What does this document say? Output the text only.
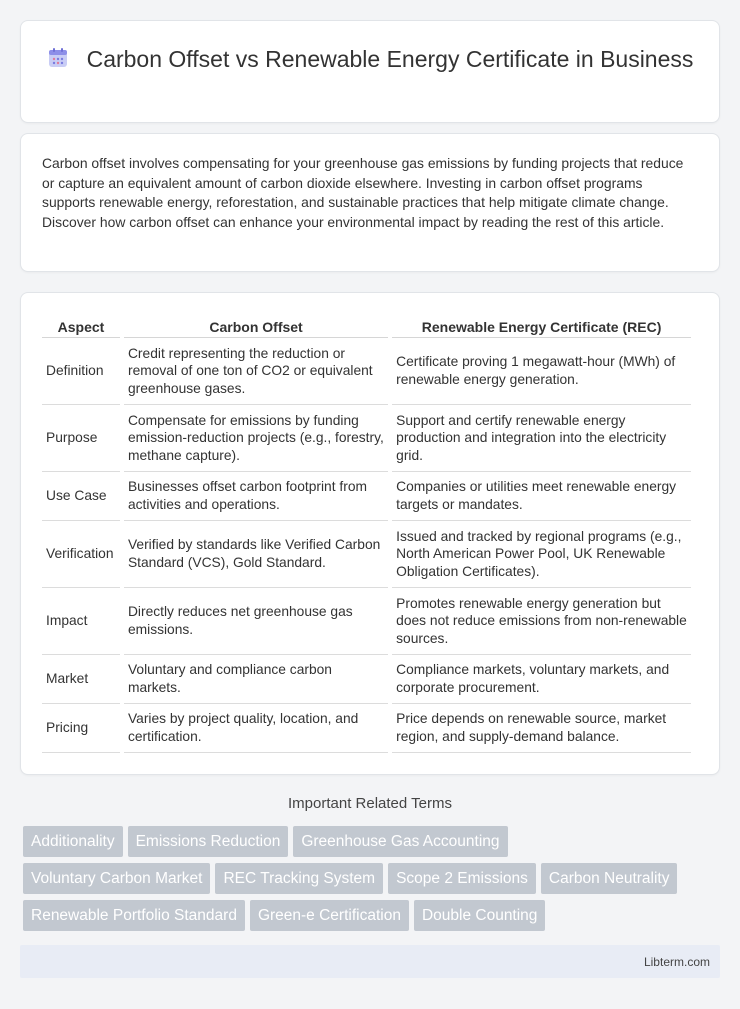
Carbon Offset vs Renewable Energy Certificate in Business

Carbon offset involves compensating for your greenhouse gas emissions by funding projects that reduce or capture an equivalent amount of carbon dioxide elsewhere. Investing in carbon offset programs supports renewable energy, reforestation, and sustainable practices that help mitigate climate change. Discover how carbon offset can enhance your environmental impact by reading the rest of this article.

Aspect	Carbon Offset	Renewable Energy Certificate (REC)
Definition	Credit representing the reduction or removal of one ton of CO2 or equivalent greenhouse gases.	Certificate proving 1 megawatt-hour (MWh) of renewable energy generation.
Purpose	Compensate for emissions by funding emission-reduction projects (e.g., forestry, methane capture).	Support and certify renewable energy production and integration into the electricity grid.
Use Case	Businesses offset carbon footprint from activities and operations.	Companies or utilities meet renewable energy targets or mandates.
Verification	Verified by standards like Verified Carbon Standard (VCS), Gold Standard.	Issued and tracked by regional programs (e.g., North American Power Pool, UK Renewable Obligation Certificates).
Impact	Directly reduces net greenhouse gas emissions.	Promotes renewable energy generation but does not reduce emissions from non-renewable sources.
Market	Voluntary and compliance carbon markets.	Compliance markets, voluntary markets, and corporate procurement.
Pricing	Varies by project quality, location, and certification.	Price depends on renewable source, market region, and supply-demand balance.
Important Related Terms
Additionality Emissions Reduction Greenhouse Gas Accounting
Voluntary Carbon Market REC Tracking System Scope 2 Emissions Carbon Neutrality
Renewable Portfolio Standard Green-e Certification Double Counting
Libterm.com
